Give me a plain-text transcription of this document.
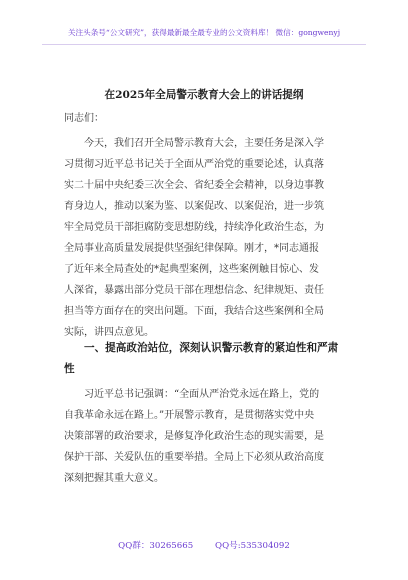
关注头条号“公文研究”，获得最新最全最专业的公文资料库！ 微信：gongwenyj
在2025年全局警示教育大会上的讲话提纲
同志们：
今天，我们召开全局警示教育大会，主要任务是深入学
习贯彻习近平总书记关于全面从严治党的重要论述，认真落
实二十届中央纪委三次全会、省纪委全会精神，以身边事教
育身边人，推动以案为鉴、以案促改、以案促治，进一步筑
牢全局党员干部拒腐防变思想防线，持续净化政治生态，为
全局事业高质量发展提供坚强纪律保障。刚才，*同志通报
了近年来全局查处的*起典型案例，这些案例触目惊心、发
人深省，暴露出部分党员干部在理想信念、纪律规矩、责任
担当等方面存在的突出问题。下面，我结合这些案例和全局
实际，讲四点意见。
一、提高政治站位，深刻认识警示教育的紧迫性和严肃
性
习近平总书记强调：“全面从严治党永远在路上，党的
自我革命永远在路上。”开展警示教育，是贯彻落实党中央
决策部署的政治要求，是修复净化政治生态的现实需要，是
保护干部、关爱队伍的重要举措。全局上下必须从政治高度
深刻把握其重大意义。
QQ群：30265665        QQ号:535304092
